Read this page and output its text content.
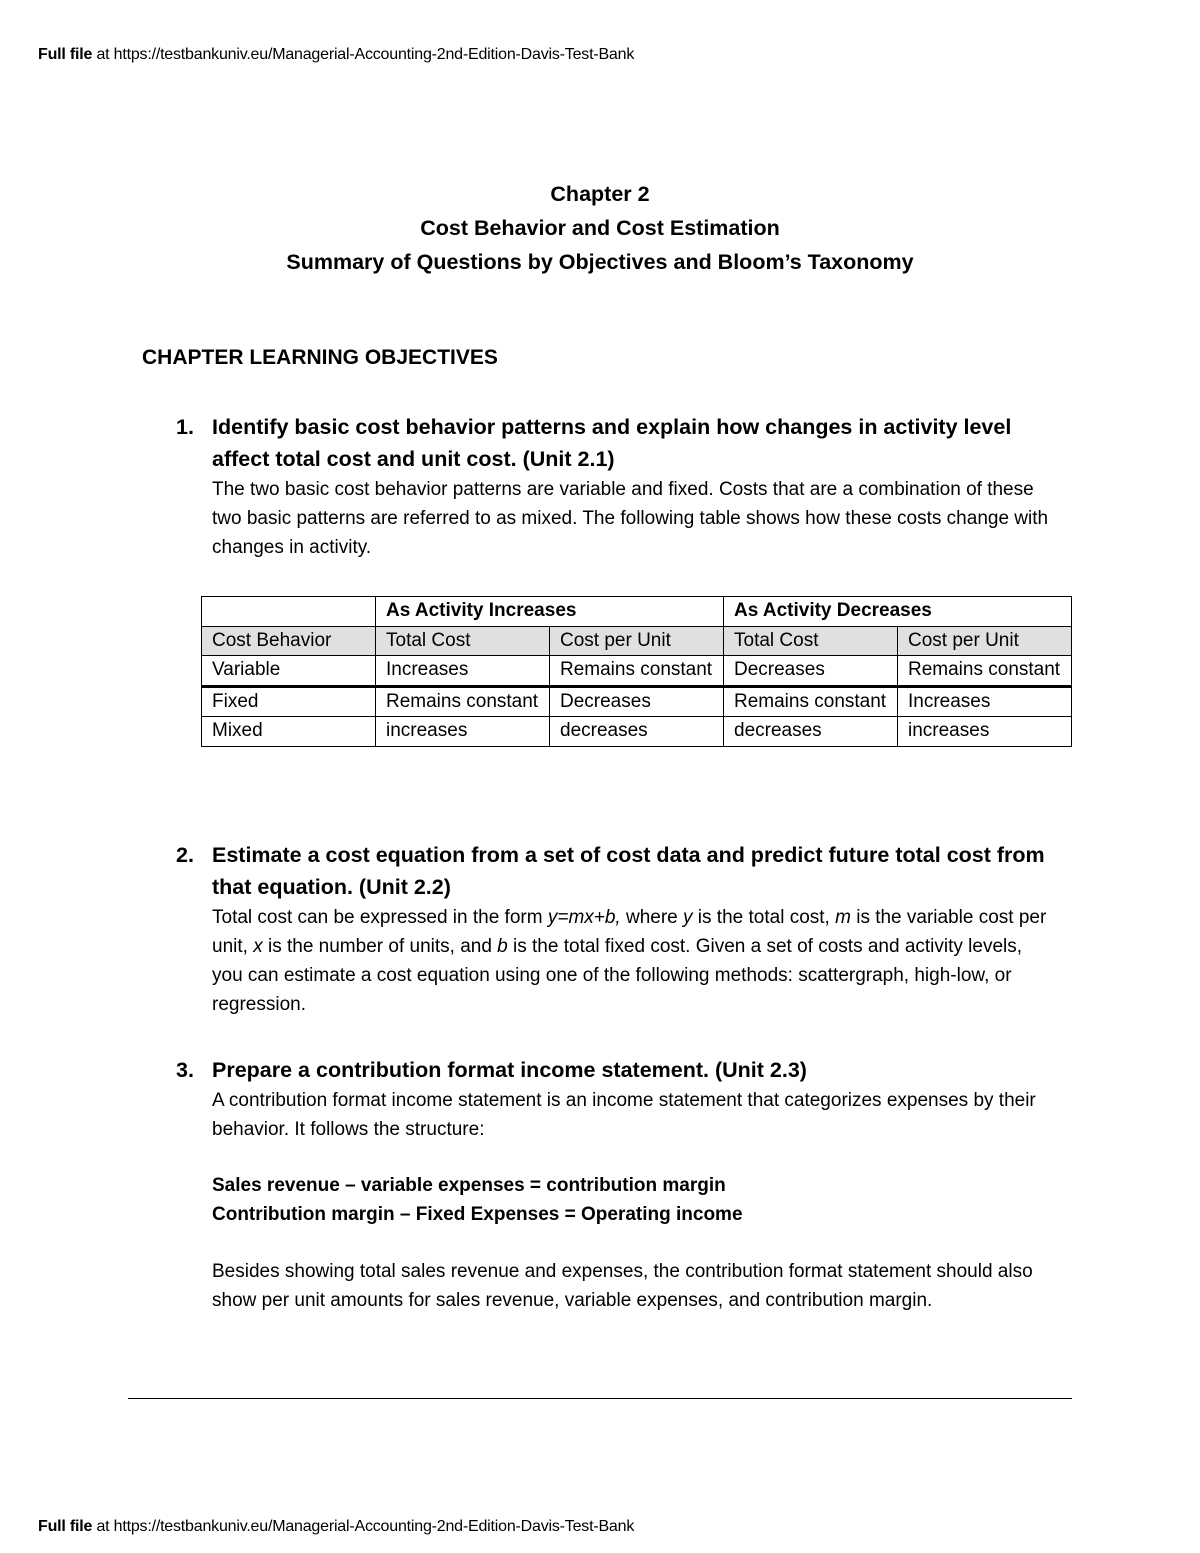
Full file at https://testbankuniv.eu/Managerial-Accounting-2nd-Edition-Davis-Test-Bank
Chapter 2
Cost Behavior and Cost Estimation
Summary of Questions by Objectives and Bloom’s Taxonomy
CHAPTER LEARNING OBJECTIVES
1. Identify basic cost behavior patterns and explain how changes in activity level affect total cost and unit cost. (Unit 2.1)
The two basic cost behavior patterns are variable and fixed. Costs that are a combination of these two basic patterns are referred to as mixed. The following table shows how these costs change with changes in activity.
	As Activity Increases		As Activity Decreases	
Cost Behavior	Total Cost	Cost per Unit	Total Cost	Cost per Unit
Variable	Increases	Remains constant	Decreases	Remains constant
Fixed	Remains constant	Decreases	Remains constant	Increases
Mixed	increases	decreases	decreases	increases
2. Estimate a cost equation from a set of cost data and predict future total cost from that equation. (Unit 2.2)
Total cost can be expressed in the form y=mx+b, where y is the total cost, m is the variable cost per unit, x is the number of units, and b is the total fixed cost. Given a set of costs and activity levels, you can estimate a cost equation using one of the following methods: scattergraph, high-low, or regression.
3. Prepare a contribution format income statement. (Unit 2.3)
A contribution format income statement is an income statement that categorizes expenses by their behavior. It follows the structure:
Sales revenue – variable expenses = contribution margin
Contribution margin – Fixed Expenses = Operating income
Besides showing total sales revenue and expenses, the contribution format statement should also show per unit amounts for sales revenue, variable expenses, and contribution margin.
Full file at https://testbankuniv.eu/Managerial-Accounting-2nd-Edition-Davis-Test-Bank
